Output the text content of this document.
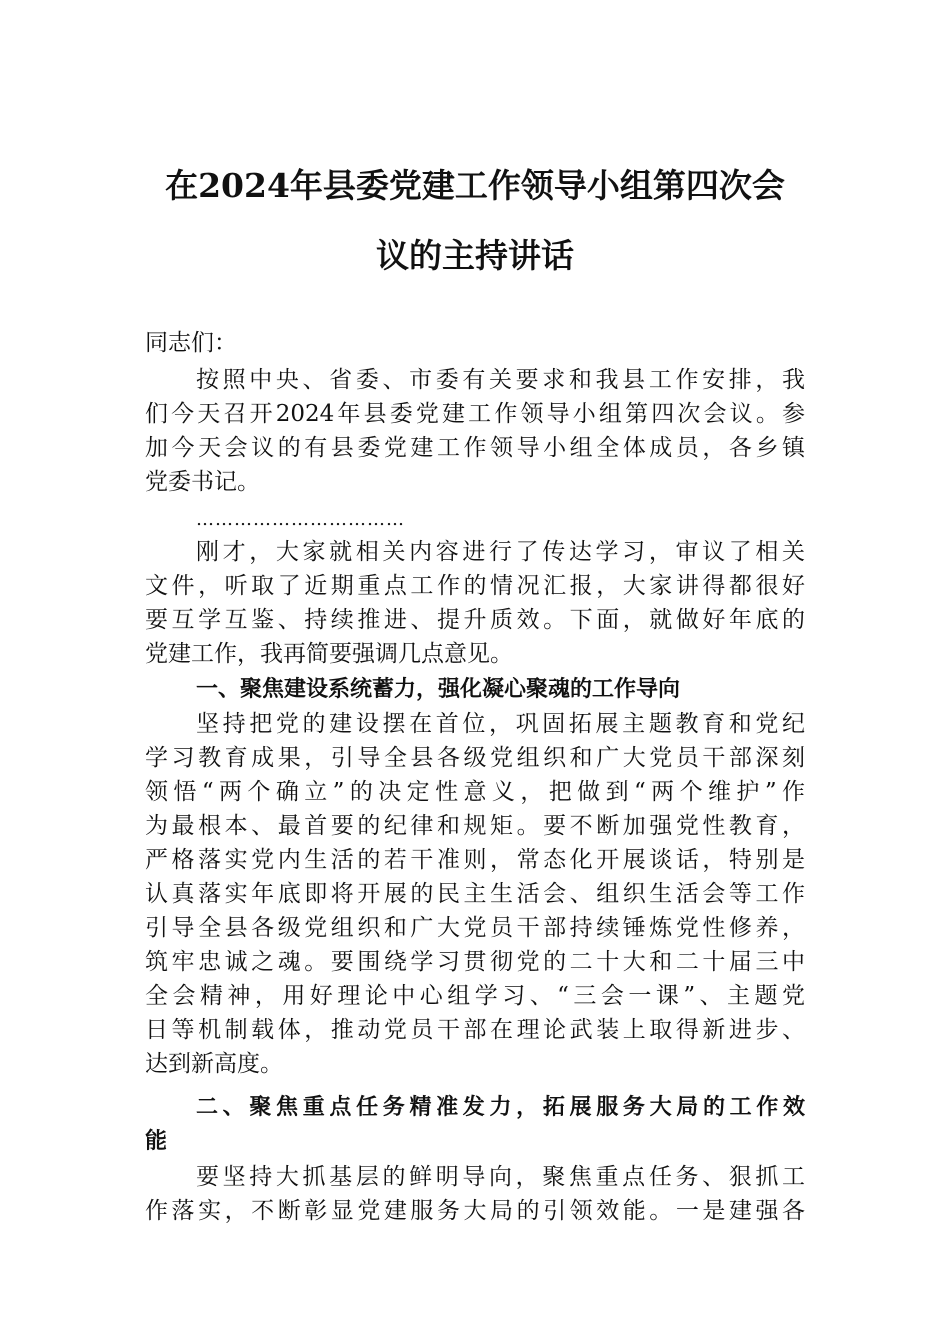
在2024年县委党建工作领导小组第四次会
议的主持讲话
同志们：
按照中央、省委、市委有关要求和我县工作安排，我
们今天召开2024年县委党建工作领导小组第四次会议。参
加今天会议的有县委党建工作领导小组全体成员，各乡镇
党委书记。
……………………………
刚才，大家就相关内容进行了传达学习，审议了相关
文件，听取了近期重点工作的情况汇报，大家讲得都很好
要互学互鉴、持续推进、提升质效。下面，就做好年底的
党建工作，我再简要强调几点意见。
一、聚焦建设系统蓄力，强化凝心聚魂的工作导向
坚持把党的建设摆在首位，巩固拓展主题教育和党纪
学习教育成果，引导全县各级党组织和广大党员干部深刻
领悟“两个确立”的决定性意义，把做到“两个维护”作
为最根本、最首要的纪律和规矩。要不断加强党性教育，
严格落实党内生活的若干准则，常态化开展谈话，特别是
认真落实年底即将开展的民主生活会、组织生活会等工作
引导全县各级党组织和广大党员干部持续锤炼党性修养，
筑牢忠诚之魂。要围绕学习贯彻党的二十大和二十届三中
全会精神，用好理论中心组学习、“三会一课”、主题党
日等机制载体，推动党员干部在理论武装上取得新进步、
达到新高度。
二、聚焦重点任务精准发力，拓展服务大局的工作效
能
要坚持大抓基层的鲜明导向，聚焦重点任务、狠抓工
作落实，不断彰显党建服务大局的引领效能。一是建强各
